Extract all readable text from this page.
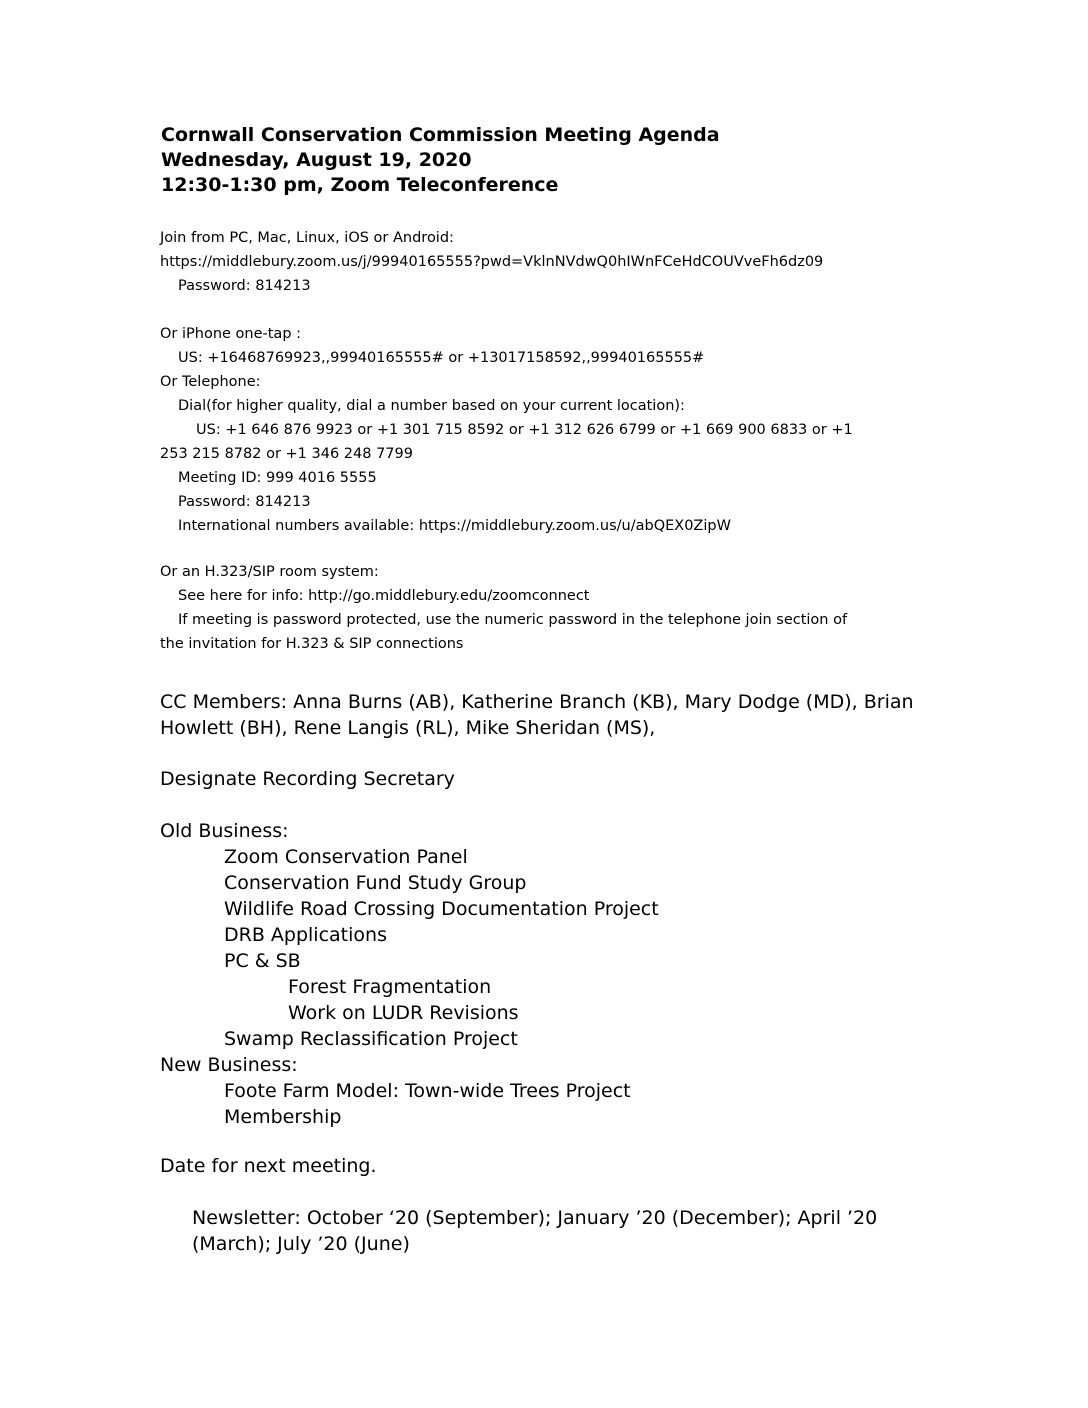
Cornwall Conservation Commission Meeting Agenda
Wednesday, August 19, 2020
12:30-1:30 pm, Zoom Teleconference
Join from PC, Mac, Linux, iOS or Android:
https://middlebury.zoom.us/j/99940165555?pwd=VklnNVdwQ0hIWnFCeHdCOUVveFh6dz09
Password: 814213
Or iPhone one-tap :
US: +16468769923,,99940165555# or +13017158592,,99940165555#
Or Telephone:
Dial(for higher quality, dial a number based on your current location):
US: +1 646 876 9923 or +1 301 715 8592 or +1 312 626 6799 or +1 669 900 6833 or +1
253 215 8782 or +1 346 248 7799
Meeting ID: 999 4016 5555
Password: 814213
International numbers available: https://middlebury.zoom.us/u/abQEX0ZipW
Or an H.323/SIP room system:
See here for info: http://go.middlebury.edu/zoomconnect
If meeting is password protected, use the numeric password in the telephone join section of
the invitation for H.323 & SIP connections
CC Members: Anna Burns (AB), Katherine Branch (KB), Mary Dodge (MD), Brian
Howlett (BH), Rene Langis (RL), Mike Sheridan (MS),
Designate Recording Secretary
Old Business:
Zoom Conservation Panel
Conservation Fund Study Group
Wildlife Road Crossing Documentation Project
DRB Applications
PC & SB
Forest Fragmentation
Work on LUDR Revisions
Swamp Reclassification Project
New Business:
Foote Farm Model: Town-wide Trees Project
Membership
Date for next meeting.
Newsletter: October ‘20 (September); January ’20 (December); April ’20
(March); July ’20 (June)
